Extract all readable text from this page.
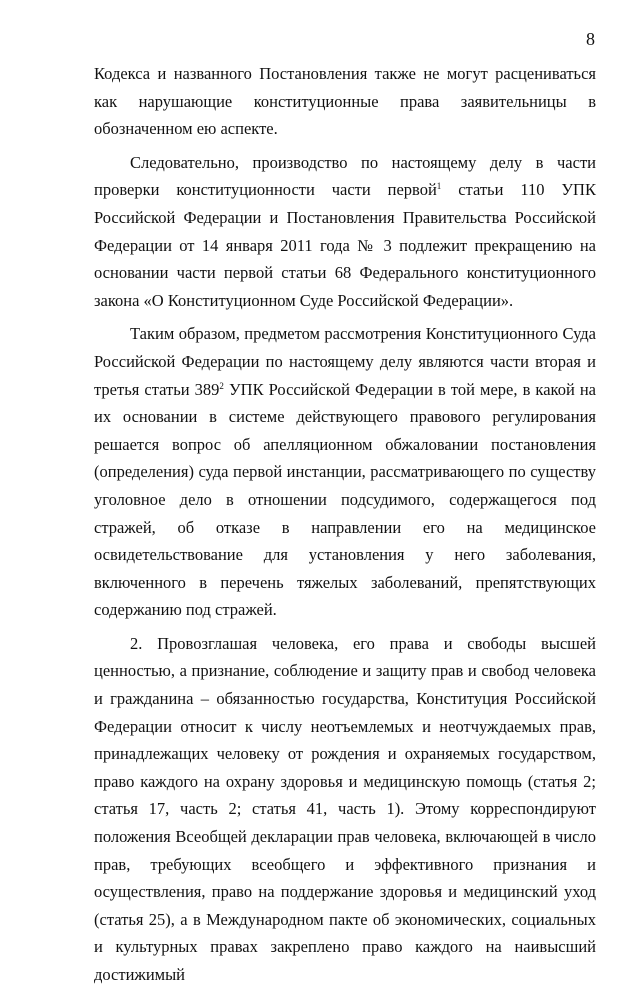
8

Кодекса и названного Постановления также не могут расцениваться как нарушающие конституционные права заявительницы в обозначенном ею аспекте.

Следовательно, производство по настоящему делу в части проверки конституционности части первой$^1$ статьи 110 УПК Российской Федерации и Постановления Правительства Российской Федерации от 14 января 2011 года № 3 подлежит прекращению на основании части первой статьи 68 Федерального конституционного закона «О Конституционном Суде Российской Федерации».

Таким образом, предметом рассмотрения Конституционного Суда Российской Федерации по настоящему делу являются части вторая и третья статьи $389^2$ УПК Российской Федерации в той мере, в какой на их основании в системе действующего правового регулирования решается вопрос об апелляционном обжаловании постановления (определения) суда первой инстанции, рассматривающего по существу уголовное дело в отношении подсудимого, содержащегося под стражей, об отказе в направлении его на медицинское освидетельствование для установления у него заболевания, включенного в перечень тяжелых заболеваний, препятствующих содержанию под стражей.

2. Провозглашая человека, его права и свободы высшей ценностью, а признание, соблюдение и защиту прав и свобод человека и гражданина – обязанностью государства, Конституция Российской Федерации относит к числу неотъемлемых и неотчуждаемых прав, принадлежащих человеку от рождения и охраняемых государством, право каждого на охрану здоровья и медицинскую помощь (статья 2; статья 17, часть 2; статья 41, часть 1). Этому корреспондируют положения Всеобщей декларации прав человека, включающей в число прав, требующих всеобщего и эффективного признания и осуществления, право на поддержание здоровья и медицинский уход (статья 25), а в Международном пакте об экономических, социальных и культурных правах закреплено право каждого на наивысший достижимый
